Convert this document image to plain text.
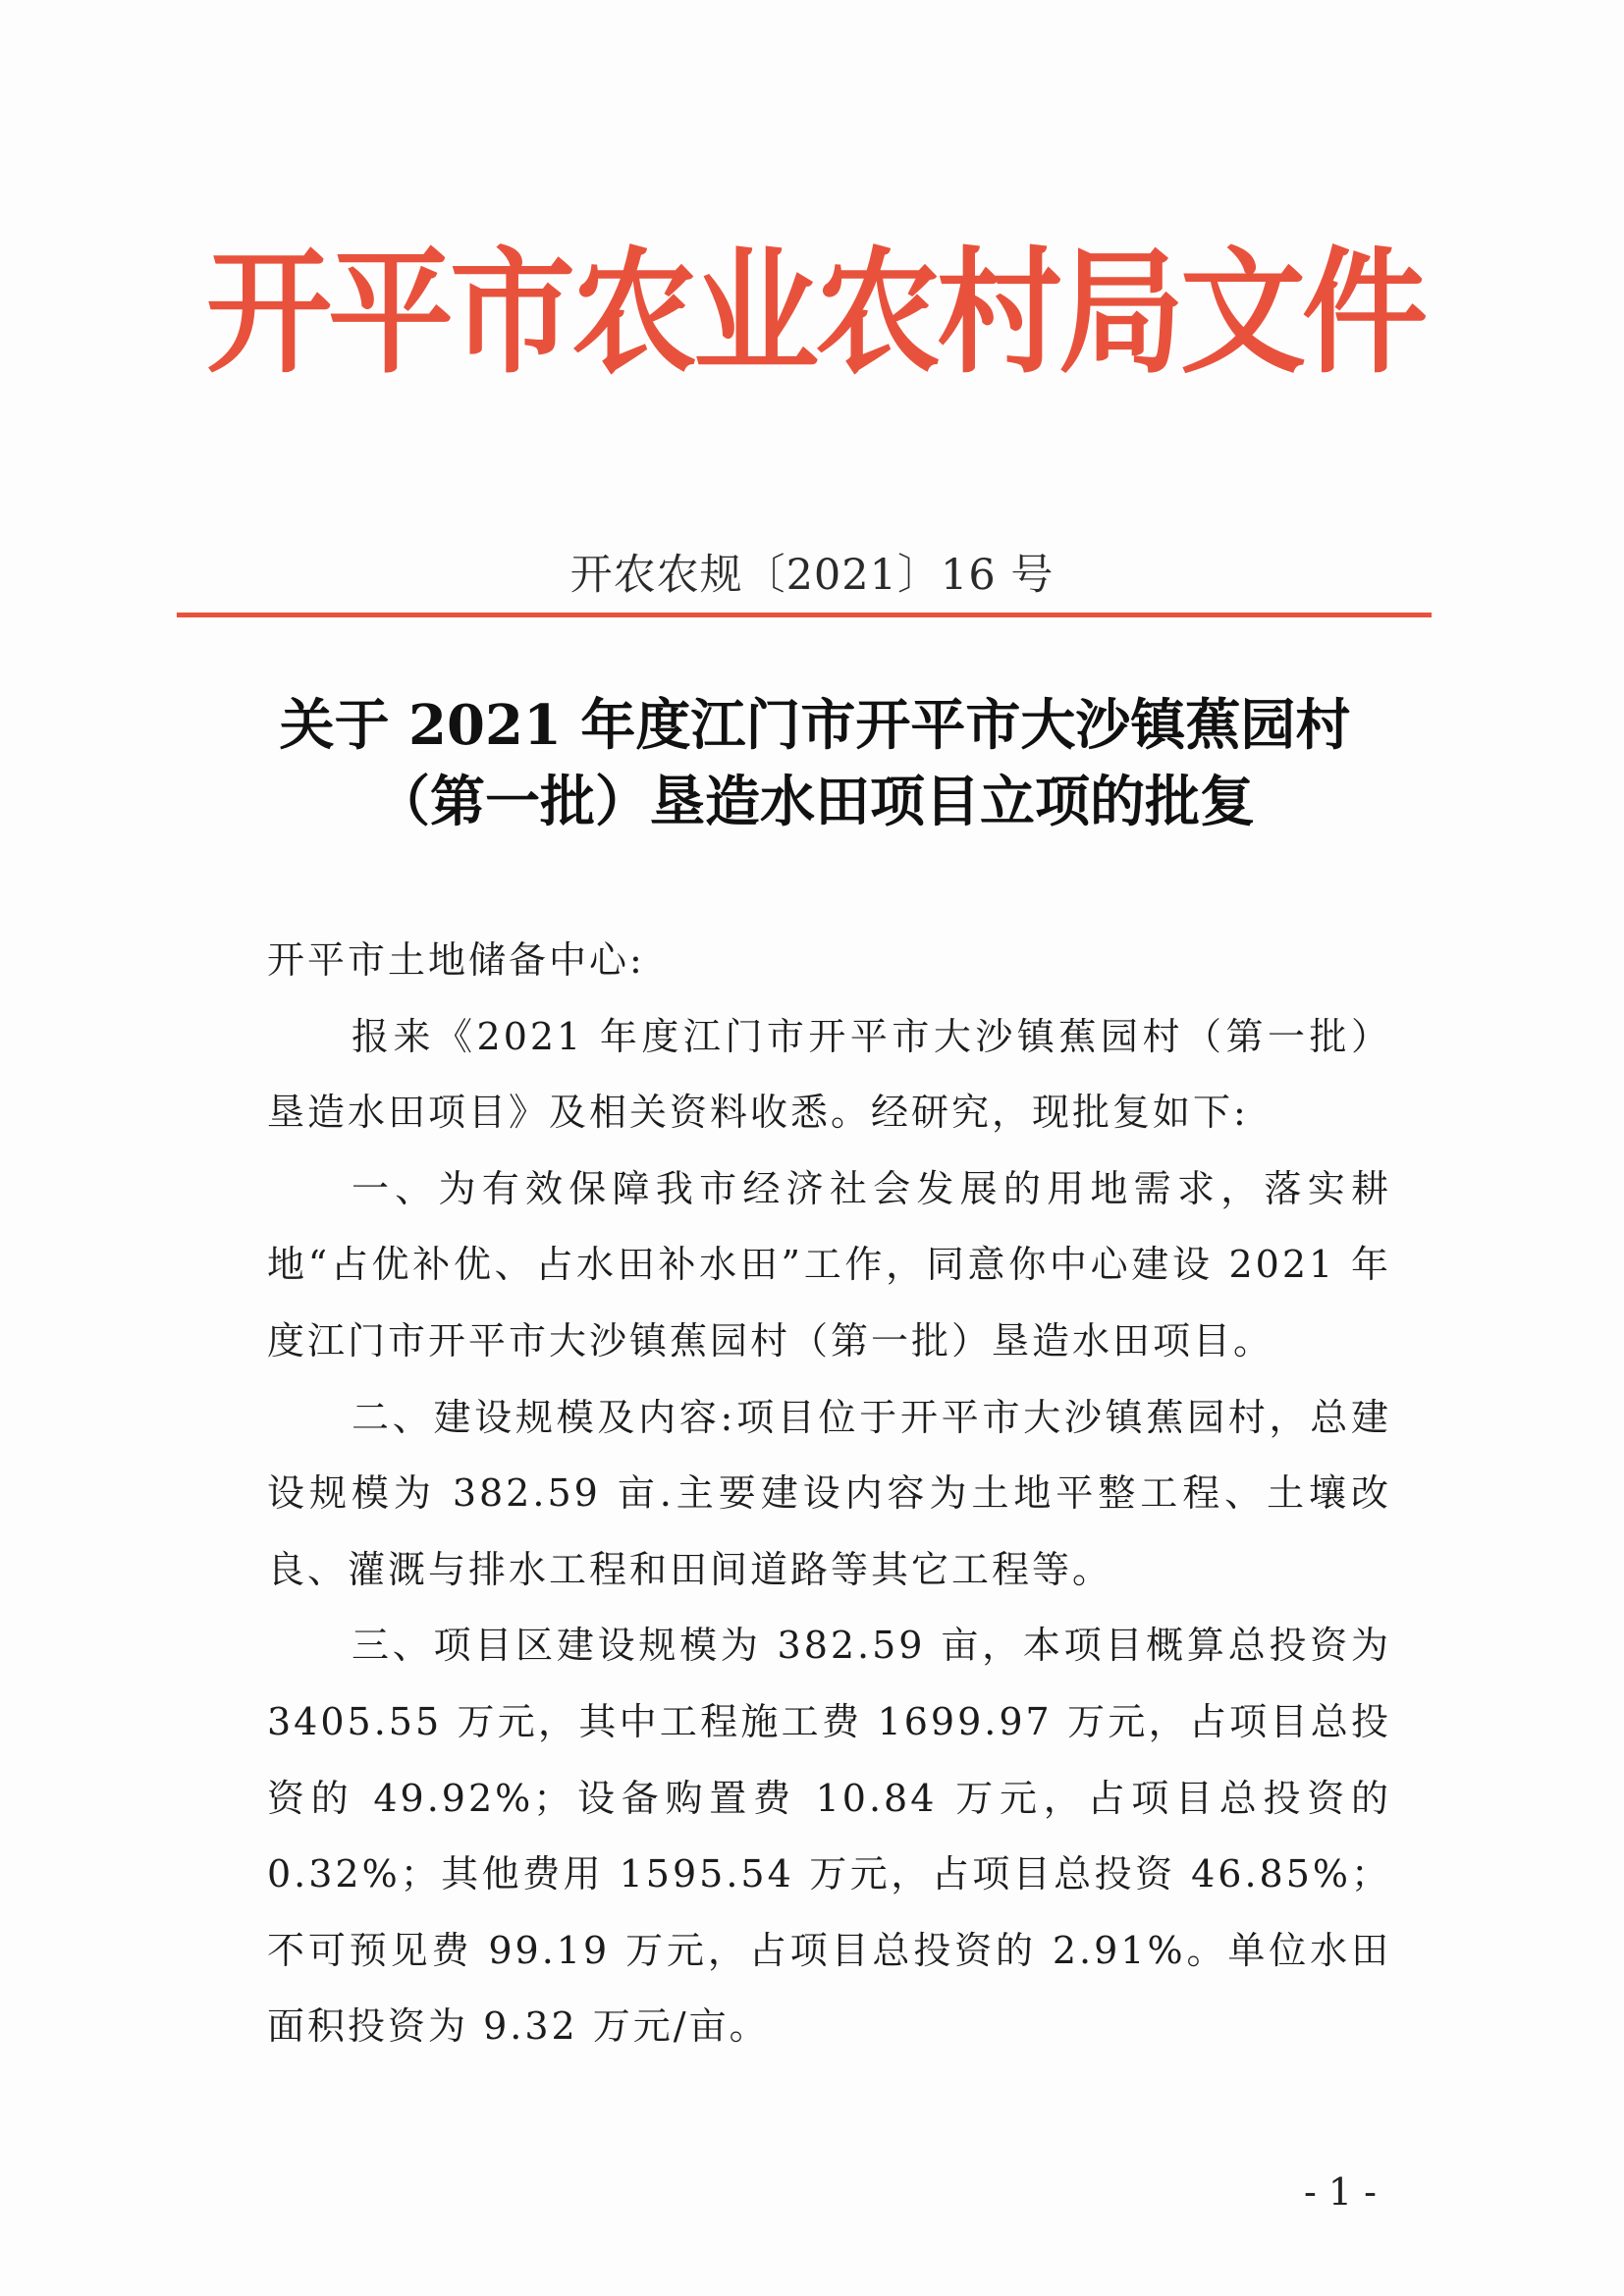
开平市农业农村局文件
开农农规〔2021〕16 号
关于 2021 年度江门市开平市大沙镇蕉园村
（第一批）垦造水田项目立项的批复

开平市土地储备中心:

报来《2021 年度江门市开平市大沙镇蕉园村（第一批）垦造水田项目》及相关资料收悉。经研究，现批复如下:

一、为有效保障我市经济社会发展的用地需求，落实耕地“占优补优、占水田补水田”工作，同意你中心建设 2021 年度江门市开平市大沙镇蕉园村（第一批）垦造水田项目。

二、建设规模及内容:项目位于开平市大沙镇蕉园村，总建设规模为 382.59 亩.主要建设内容为土地平整工程、土壤改良、灌溉与排水工程和田间道路等其它工程等。

三、项目区建设规模为 382.59 亩，本项目概算总投资为 3405.55 万元，其中工程施工费 1699.97 万元，占项目总投资的 49.92%；设备购置费 10.84 万元，占项目总投资的 0.32%；其他费用 1595.54 万元，占项目总投资 46.85%；不可预见费 99.19 万元，占项目总投资的 2.91%。单位水田面积投资为 9.32 万元/亩。

- 1 -
